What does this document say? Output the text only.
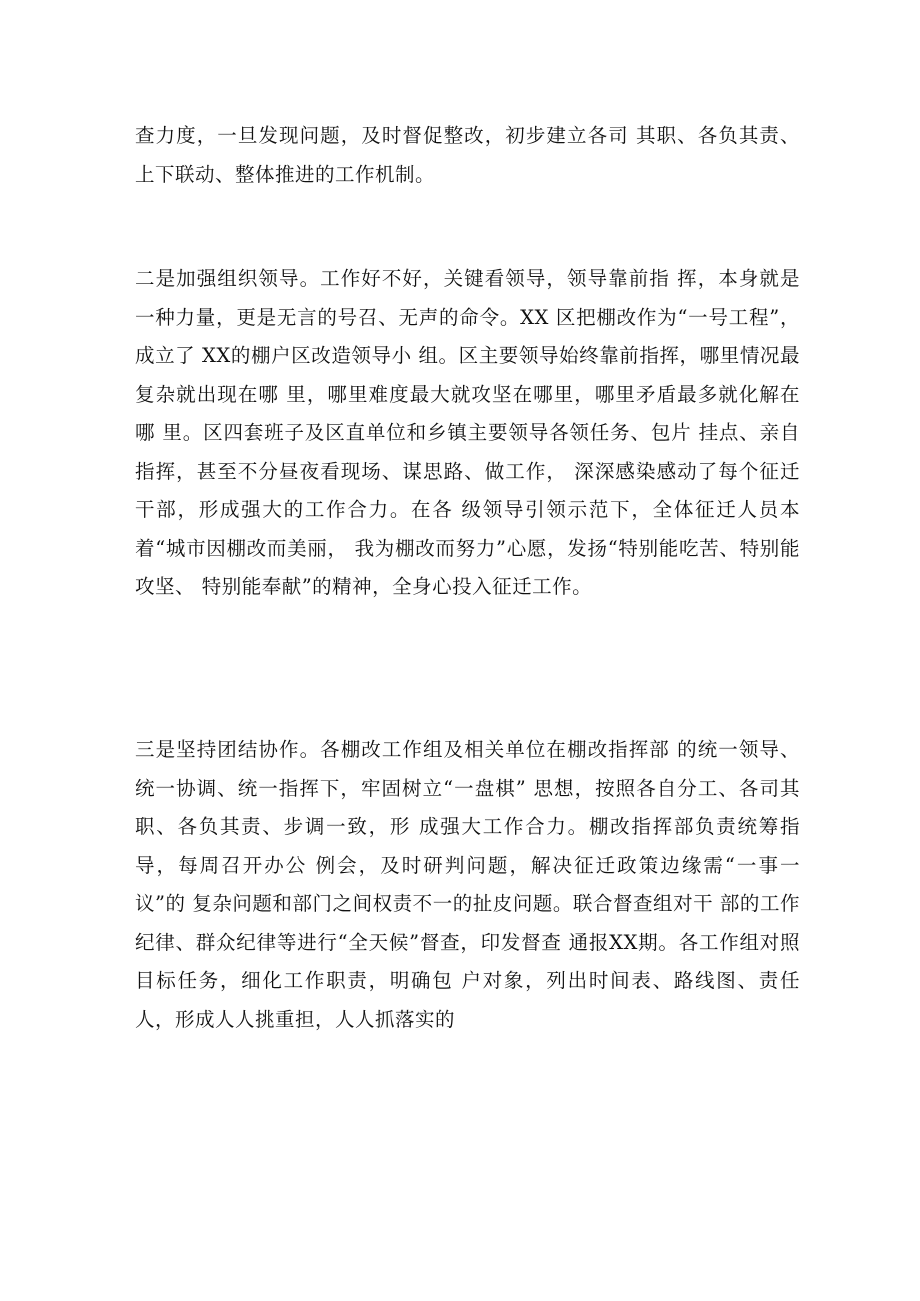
查力度，一旦发现问题，及时督促整改，初步建立各司 其职、各负其责、上下联动、整体推进的工作机制。

二是加强组织领导。工作好不好，关键看领导，领导靠前指 挥，本身就是一种力量，更是无言的号召、无声的命令。XX 区把棚改作为“一号工程”，成立了 XX的棚户区改造领导小 组。区主要领导始终靠前指挥，哪里情况最复杂就出现在哪 里，哪里难度最大就攻坚在哪里，哪里矛盾最多就化解在哪 里。区四套班子及区直单位和乡镇主要领导各领任务、包片 挂点、亲自指挥，甚至不分昼夜看现场、谋思路、做工作， 深深感染感动了每个征迁干部，形成强大的工作合力。在各 级领导引领示范下，全体征迁人员本着“城市因棚改而美丽， 我为棚改而努力”心愿，发扬“特别能吃苦、特别能攻坚、 特别能奉献”的精神，全身心投入征迁工作。

三是坚持团结协作。各棚改工作组及相关单位在棚改指挥部 的统一领导、统一协调、统一指挥下，牢固树立“一盘棋” 思想，按照各自分工、各司其职、各负其责、步调一致，形 成强大工作合力。棚改指挥部负责统筹指导，每周召开办公 例会，及时研判问题，解决征迁政策边缘需“一事一议”的 复杂问题和部门之间权责不一的扯皮问题。联合督查组对干 部的工作纪律、群众纪律等进行“全天候”督查，印发督查 通报XX期。各工作组对照目标任务，细化工作职责，明确包 户对象，列出时间表、路线图、责任人，形成人人挑重担，人人抓落实的
